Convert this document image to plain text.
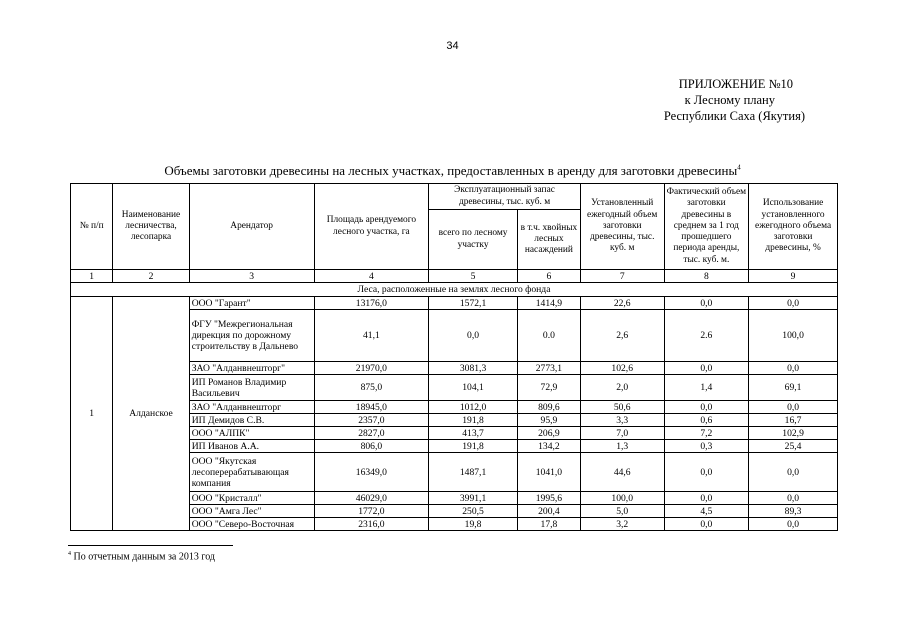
34
ПРИЛОЖЕНИЕ №10
к Лесному плану
Республики Саха (Якутия)
Объемы заготовки древесины на лесных участках, предоставленных в аренду для заготовки древесины$^4$
№ п/п	Наименование лесничества, лесопарка	Арендатор	Площадь арендуемого лесного участка, га	Эксплуатационный запас древесины, тыс. куб. м		Установленный ежегодный объем заготовки древесины, тыс. куб. м	Фактический объем заготовки древесины в среднем за 1 год прошедшего периода аренды, тыс. куб. м.	Использование установленного ежегодного объема заготовки древесины, %
				всего по лесному участку	в т.ч. хвойных лесных насаждений			
1	2	3	4	5	6	7	8	9
Леса, расположенные на землях лесного фонда								
1	Алданское	ООО "Гарант"	13176,0	1572,1	1414,9	22,6	0,0	0,0
		ФГУ "Межрегиональная дирекция по дорожному строительству в Дальнево	41,1	0,0	0.0	2,6	2.6	100,0
		ЗАО "Алданвнешторг"	21970,0	3081,3	2773,1	102,6	0,0	0,0
		ИП Романов Владимир Васильевич	875,0	104,1	72,9	2,0	1,4	69,1
		ЗАО "Алданвнешторг	18945,0	1012,0	809,6	50,6	0,0	0,0
		ИП Демидов С.В.	2357,0	191,8	95,9	3,3	0,6	16,7
		ООО "АЛПК"	2827,0	413,7	206,9	7,0	7,2	102,9
		ИП Иванов А.А.	806,0	191,8	134,2	1,3	0,3	25,4
		ООО "Якутская лесоперерабатывающая компания	16349,0	1487,1	1041,0	44,6	0,0	0,0
		ООО "Кристалл"	46029,0	3991,1	1995,6	100,0	0,0	0,0
		ООО "Амга Лес"	1772,0	250,5	200,4	5,0	4,5	89,3
		ООО "Северо-Восточная	2316,0	19,8	17,8	3,2	0,0	0,0
$^4$ По отчетным данным за 2013 год
